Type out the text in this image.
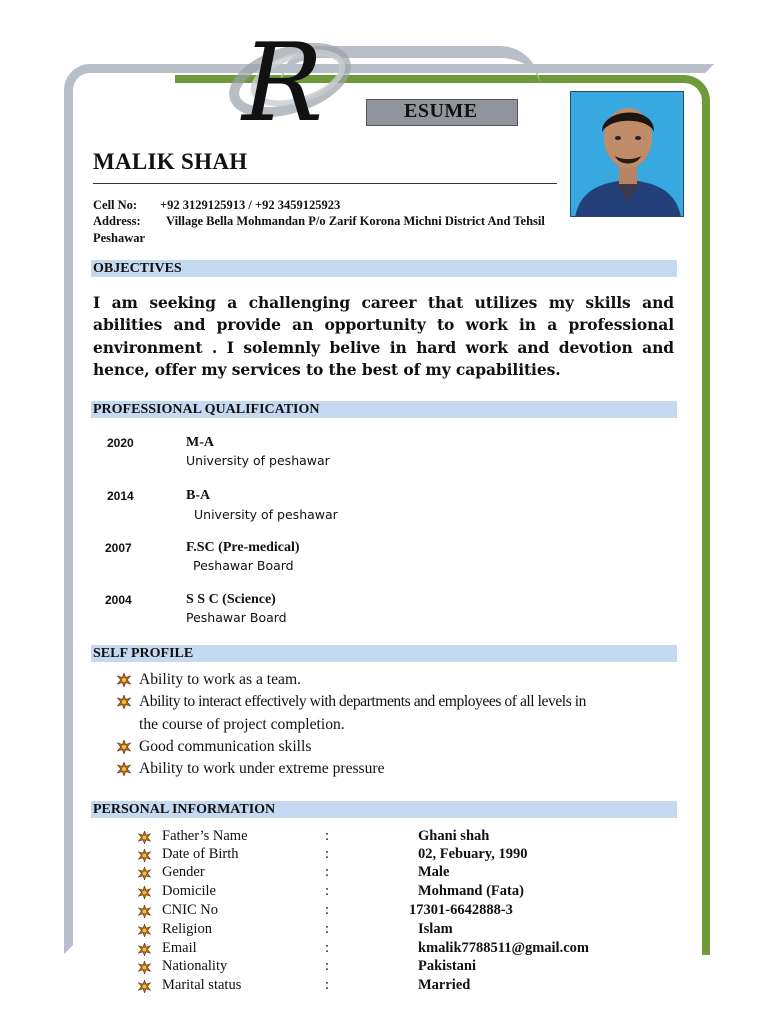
R	ESUME
MALIK SHAH
Cell No: +92 3129125913 / +92 3459125923
Address: Village Bella Mohmandan P/o Zarif Korona Michni District And Tehsil
Peshawar
OBJECTIVES
I am seeking a challenging career that utilizes my skills and abilities and provide an opportunity to work in a professional environment . I solemnly belive in hard work and devotion and hence, offer my services to the best of my capabilities.
PROFESSIONAL QUALIFICATION
2020	M-A
University of peshawar
2014	B-A
University of peshawar
2007	F.SC (Pre-medical)
Peshawar Board
2004	S S C (Science)
Peshawar Board
SELF PROFILE
Ability to work as a team.
Ability to interact effectively with departments and employees of all levels in
the course of project completion.
Good communication skills
Ability to work under extreme pressure
PERSONAL INFORMATION
Father’s Name	:	Ghani shah
Date of Birth	:	02, Febuary, 1990
Gender	:	Male
Domicile	:	Mohmand (Fata)
CNIC No	:	17301-6642888-3
Religion	:	Islam
Email	:	kmalik7788511@gmail.com
Nationality	:	Pakistani
Marital status	:	Married
